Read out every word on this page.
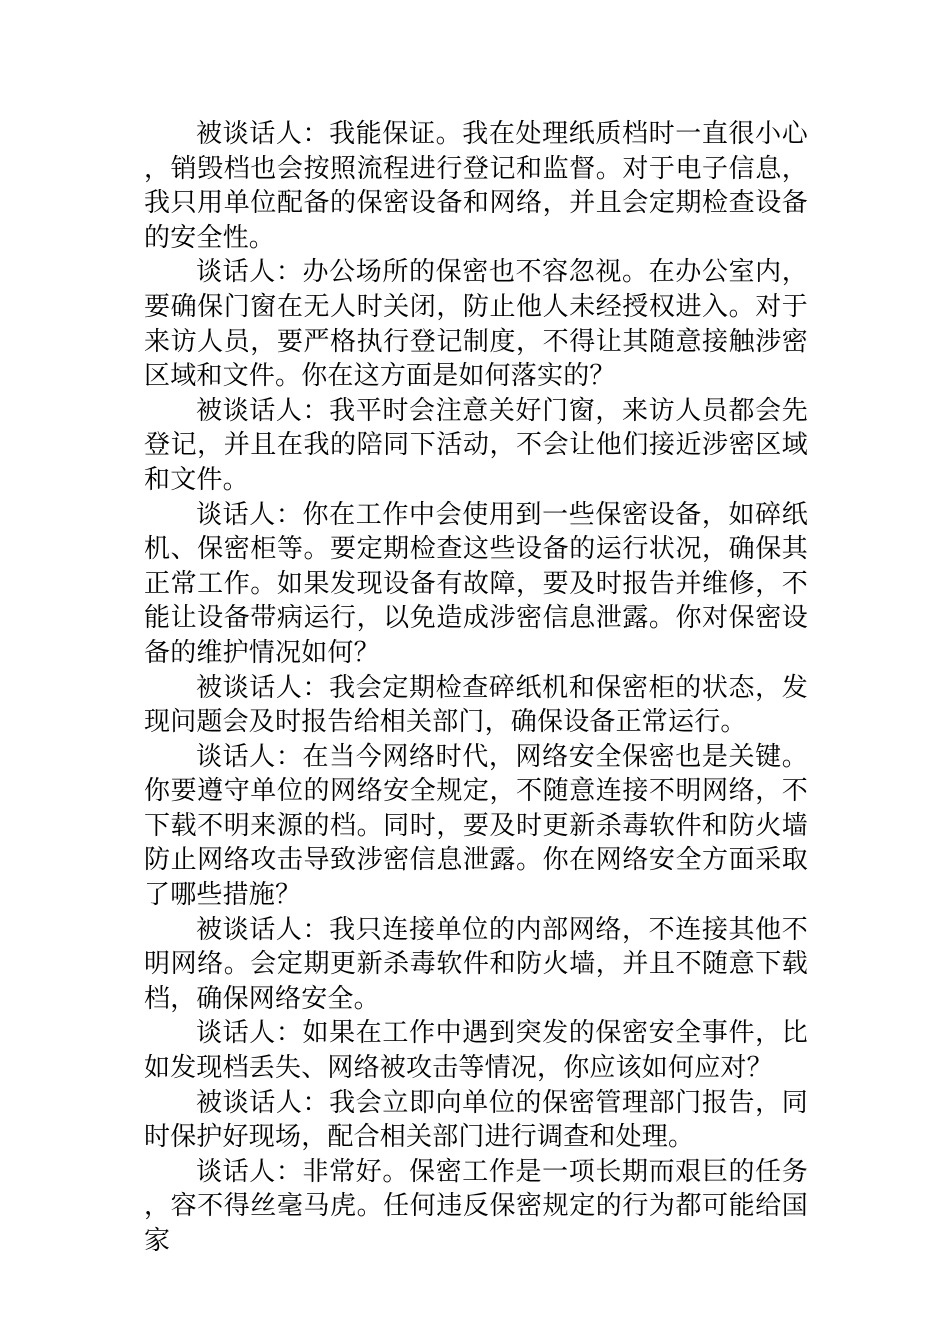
被谈话人：我能保证。我在处理纸质档时一直很小心，销毁档也会按照流程进行登记和监督。对于电子信息，我只用单位配备的保密设备和网络，并且会定期检查设备的安全性。

谈话人：办公场所的保密也不容忽视。在办公室内，要确保门窗在无人时关闭，防止他人未经授权进入。对于来访人员，要严格执行登记制度，不得让其随意接触涉密区域和文件。你在这方面是如何落实的？

被谈话人：我平时会注意关好门窗，来访人员都会先登记，并且在我的陪同下活动，不会让他们接近涉密区域和文件。

谈话人：你在工作中会使用到一些保密设备，如碎纸机、保密柜等。要定期检查这些设备的运行状况，确保其正常工作。如果发现设备有故障，要及时报告并维修，不能让设备带病运行，以免造成涉密信息泄露。你对保密设备的维护情况如何？

被谈话人：我会定期检查碎纸机和保密柜的状态，发现问题会及时报告给相关部门，确保设备正常运行。

谈话人：在当今网络时代，网络安全保密也是关键。你要遵守单位的网络安全规定，不随意连接不明网络，不下载不明来源的档。同时，要及时更新杀毒软件和防火墙防止网络攻击导致涉密信息泄露。你在网络安全方面采取了哪些措施？

被谈话人：我只连接单位的内部网络，不连接其他不明网络。会定期更新杀毒软件和防火墙，并且不随意下载档，确保网络安全。

谈话人：如果在工作中遇到突发的保密安全事件，比如发现档丢失、网络被攻击等情况，你应该如何应对？

被谈话人：我会立即向单位的保密管理部门报告，同时保护好现场，配合相关部门进行调查和处理。

谈话人：非常好。保密工作是一项长期而艰巨的任务，容不得丝毫马虎。任何违反保密规定的行为都可能给国家
